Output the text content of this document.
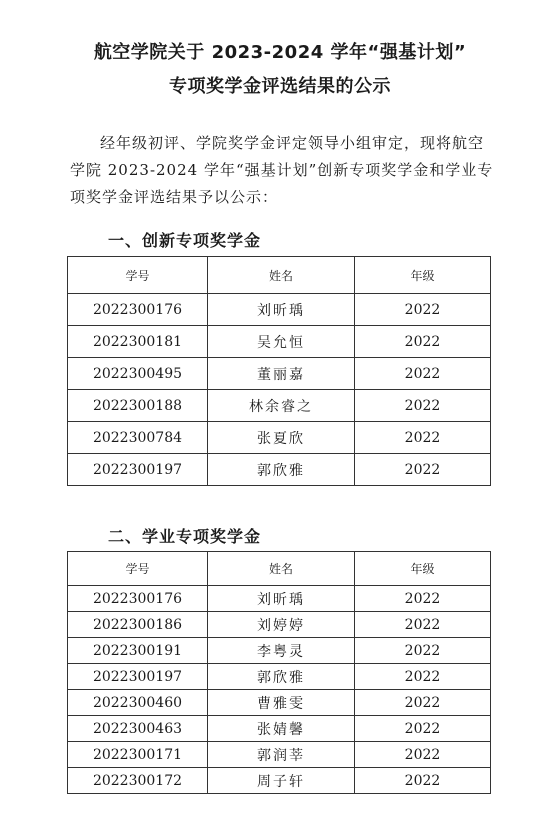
航空学院关于 2023-2024 学年“强基计划”
专项奖学金评选结果的公示
经年级初评、学院奖学金评定领导小组审定，现将航空
学院 2023-2024 学年“强基计划”创新专项奖学金和学业专
项奖学金评选结果予以公示：
一、创新专项奖学金
学号	姓名	年级
2022300176	刘昕瑀	2022
2022300181	吴允恒	2022
2022300495	董丽嘉	2022
2022300188	林余睿之	2022
2022300784	张夏欣	2022
2022300197	郭欣雅	2022
二、学业专项奖学金
学号	姓名	年级
2022300176	刘昕瑀	2022
2022300186	刘婷婷	2022
2022300191	李粤灵	2022
2022300197	郭欣雅	2022
2022300460	曹雅雯	2022
2022300463	张婧馨	2022
2022300171	郭润莘	2022
2022300172	周子轩	2022
